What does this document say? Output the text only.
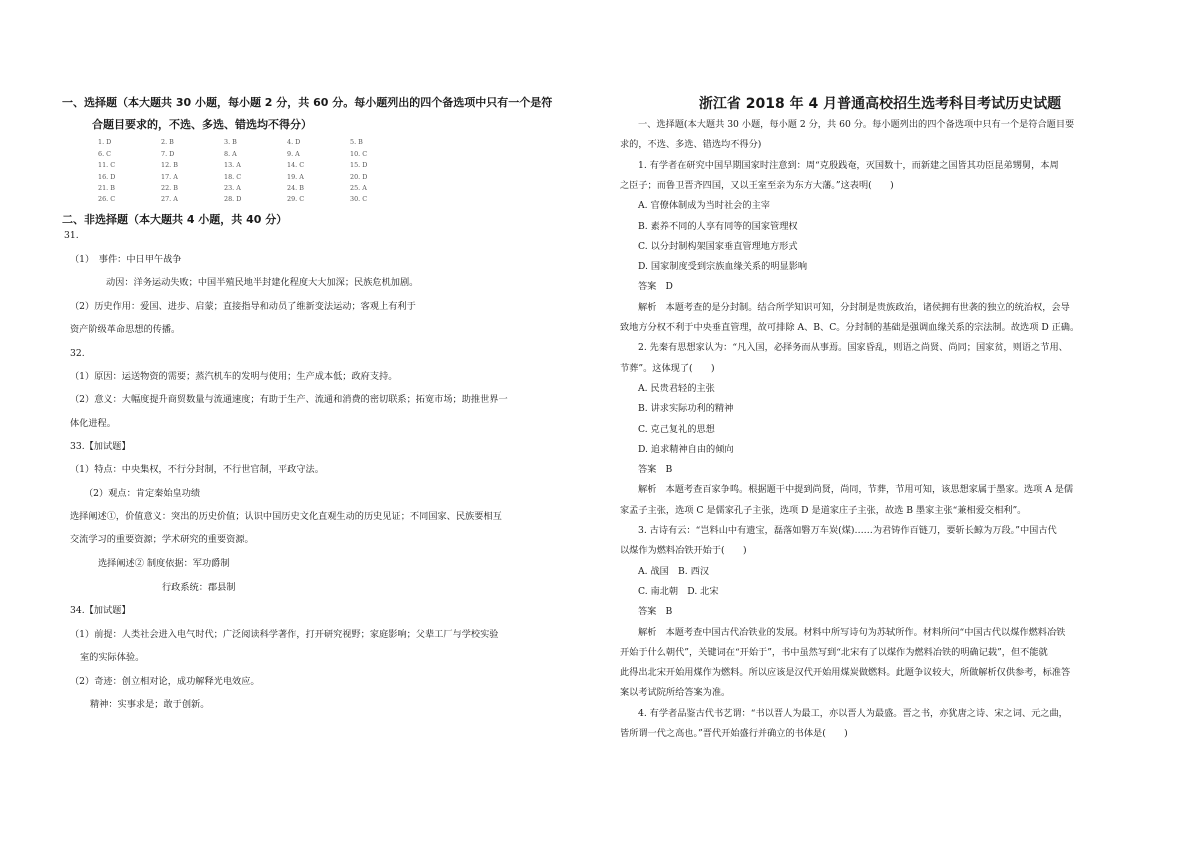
一、选择题（本大题共 30 小题，每小题 2 分，共 60 分。每小题列出的四个备选项中只有一个是符
合题目要求的，不选、多选、错选均不得分）

1. D	2. B	3. B	4. D	5. B
6. C	7. D	8. A	9. A	10. C
11. C	12. B	13. A	14. C	15. D
16. D	17. A	18. C	19. A	20. D
21. B	22. B	23. A	24. B	25. A
26. C	27. A	28. D	29. C	30. C

二、非选择题（本大题共 4 小题，共 40 分）

31.
（1）　事件：中日甲午战争
动因：洋务运动失败；中国半殖民地半封建化程度大大加深；民族危机加剧。
（2）历史作用：爱国、进步、启蒙；直接指导和动员了维新变法运动；客观上有利于
资产阶级革命思想的传播。
32.
（1）原因：运送物资的需要；蒸汽机车的发明与使用；生产成本低；政府支持。
（2）意义：大幅度提升商贸数量与流通速度；有助于生产、流通和消费的密切联系；拓宽市场；助推世界一
体化进程。
33.【加试题】
（1）特点：中央集权，不行分封制，不行世官制，平政守法。
（2）观点：肯定秦始皇功绩
选择阐述①，价值意义：突出的历史价值；认识中国历史文化直观生动的历史见证；不同国家、民族要相互
交流学习的重要资源；学术研究的重要资源。
选择阐述② 制度依据：军功爵制
行政系统：郡县制
34.【加试题】
（1）前提：人类社会进入电气时代；广泛阅读科学著作，打开研究视野；家庭影响；父辈工厂与学校实验
室的实际体验。
（2）奇迹：创立相对论，成功解释光电效应。
精神：实事求是；敢于创新。

浙江省 2018 年 4 月普通高校招生选考科目考试历史试题

一、选择题(本大题共 30 小题，每小题 2 分，共 60 分。每小题列出的四个备选项中只有一个是符合题目要
求的，不选、多选、错选均不得分)
1. 有学者在研究中国早期国家时注意到：周“克殷践奄，灭国数十，而新建之国皆其功臣昆弟甥舅，本周
之臣子；而鲁卫晋齐四国，又以王室至亲为东方大藩。”这表明(　　)
A. 官僚体制成为当时社会的主宰
B. 素养不同的人享有同等的国家管理权
C. 以分封制构架国家垂直管理地方形式
D. 国家制度受到宗族血缘关系的明显影响
答案　D
解析　本题考查的是分封制。结合所学知识可知，分封制是贵族政治，诸侯拥有世袭的独立的统治权，会导
致地方分权不利于中央垂直管理，故可排除 A、B、C。分封制的基础是强调血缘关系的宗法制。故选项 D 正确。
2. 先秦有思想家认为：“凡入国，必择务而从事焉。国家昏乱，则语之尚贤、尚同；国家贫，则语之节用、
节葬”。这体现了(　　)
A. 民贵君轻的主张
B. 讲求实际功利的精神
C. 克己复礼的思想
D. 追求精神自由的倾向
答案　B
解析　本题考查百家争鸣。根据题干中提到尚贤，尚同，节葬，节用可知，该思想家属于墨家。选项 A 是儒
家孟子主张，选项 C 是儒家孔子主张，选项 D 是道家庄子主张，故选 B 墨家主张“兼相爱交相利”。
3. 古诗有云：“岂料山中有遗宝，磊落如䃜万车炭(煤)……为君铸作百链刀，要斩长鲸为万段。”中国古代
以煤作为燃料冶铁开始于(　　)
A. 战国　B. 西汉
C. 南北朝　D. 北宋
答案　B
解析　本题考查中国古代冶铁业的发展。材料中所写诗句为苏轼所作。材料所问“中国古代以煤作燃料冶铁
开始于什么朝代”，关键词在“开始于”，书中虽然写到“北宋有了以煤作为燃料冶铁的明确记载”，但不能就
此得出北宋开始用煤作为燃料。所以应该是汉代开始用煤炭做燃料。此题争议较大，所做解析仅供参考，标准答
案以考试院所给答案为准。
4. 有学者品鉴古代书艺谓：“书以晋人为最工，亦以晋人为最盛。晋之书，亦犹唐之诗、宋之词、元之曲，
皆所谓一代之高也。”晋代开始盛行并确立的书体是(　　)
